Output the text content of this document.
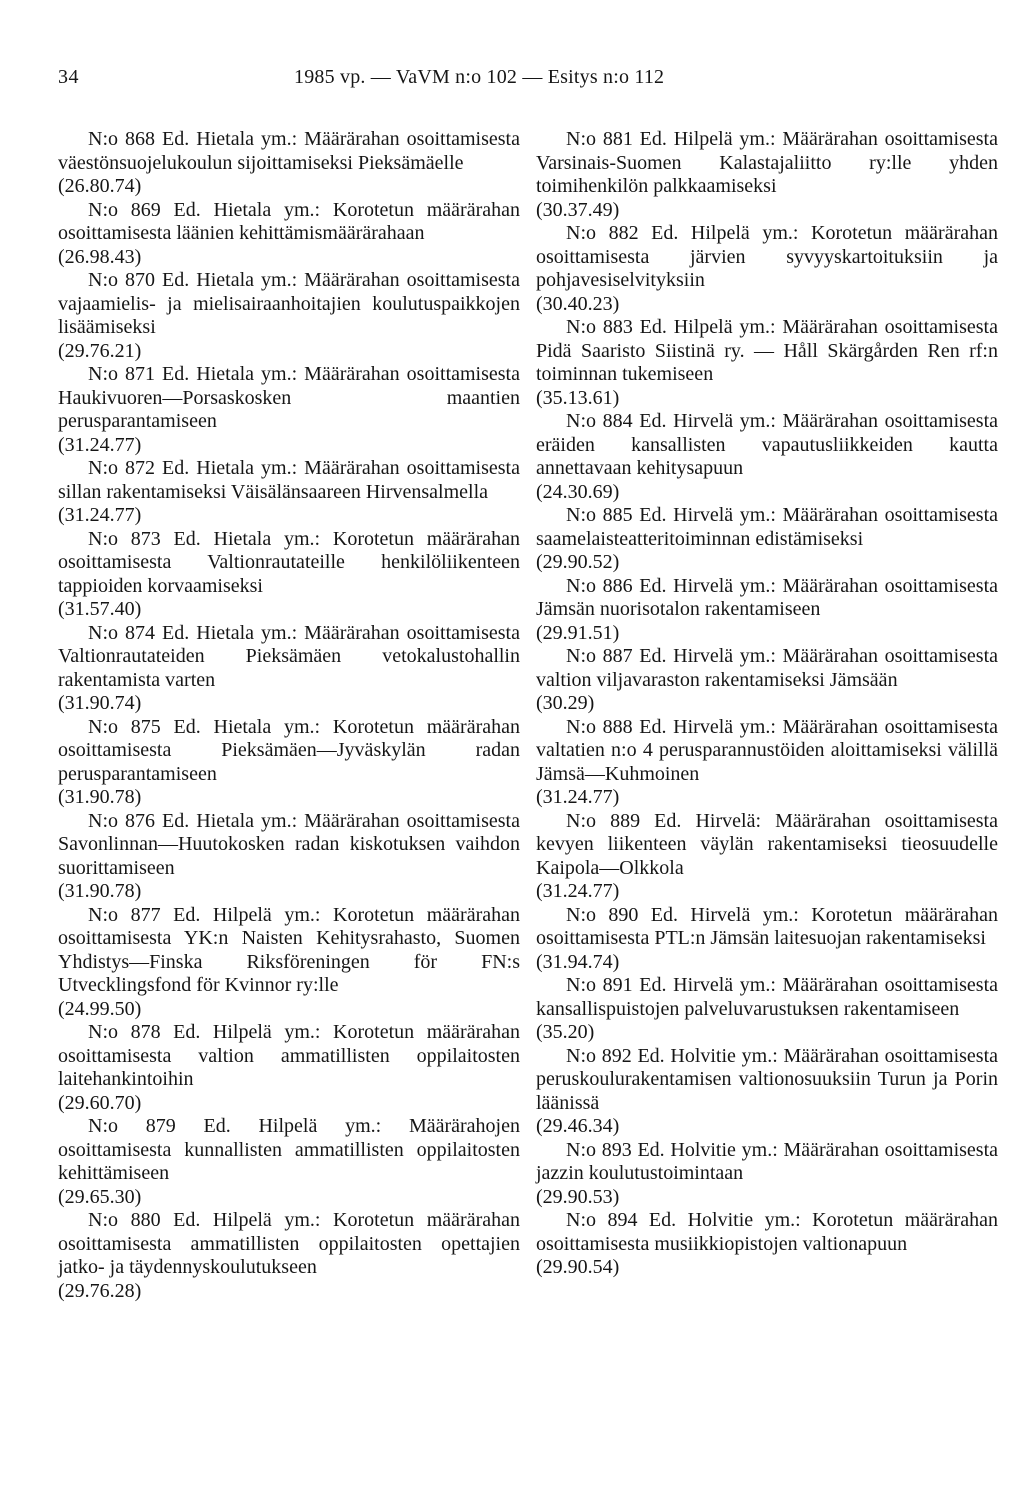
34	1985 vp. — VaVM n:o 102 — Esitys n:o 112

N:o 868 Ed. Hietala ym.: Määrärahan osoittamisesta väestönsuojelukoulun sijoittamiseksi Pieksämäelle

(26.80.74)

N:o 869 Ed. Hietala ym.: Korotetun määrärahan osoittamisesta läänien kehittämismäärärahaan

(26.98.43)

N:o 870 Ed. Hietala ym.: Määrärahan osoittamisesta vajaamielis- ja mielisairaanhoitajien koulutuspaikkojen lisäämiseksi

(29.76.21)

N:o 871 Ed. Hietala ym.: Määrärahan osoittamisesta Haukivuoren—Porsaskosken maantien perusparantamiseen

(31.24.77)

N:o 872 Ed. Hietala ym.: Määrärahan osoittamisesta sillan rakentamiseksi Väisälänsaareen Hirvensalmella

(31.24.77)

N:o 873 Ed. Hietala ym.: Korotetun määrärahan osoittamisesta Valtionrautateille henkilöliikenteen tappioiden korvaamiseksi

(31.57.40)

N:o 874 Ed. Hietala ym.: Määrärahan osoittamisesta Valtionrautateiden Pieksämäen vetokalustohallin rakentamista varten

(31.90.74)

N:o 875 Ed. Hietala ym.: Korotetun määrärahan osoittamisesta Pieksämäen—Jyväskylän radan perusparantamiseen

(31.90.78)

N:o 876 Ed. Hietala ym.: Määrärahan osoittamisesta Savonlinnan—Huutokosken radan kiskotuksen vaihdon suorittamiseen

(31.90.78)

N:o 877 Ed. Hilpelä ym.: Korotetun määrärahan osoittamisesta YK:n Naisten Kehitysrahasto, Suomen Yhdistys—Finska Riksföreningen för FN:s Utvecklingsfond för Kvinnor ry:lle

(24.99.50)

N:o 878 Ed. Hilpelä ym.: Korotetun määrärahan osoittamisesta valtion ammatillisten oppilaitosten laitehankintoihin

(29.60.70)

N:o 879 Ed. Hilpelä ym.: Määrärahojen osoittamisesta kunnallisten ammatillisten oppilaitosten kehittämiseen

(29.65.30)

N:o 880 Ed. Hilpelä ym.: Korotetun määrärahan osoittamisesta ammatillisten oppilaitosten opettajien jatko- ja täydennyskoulutukseen

(29.76.28)

N:o 881 Ed. Hilpelä ym.: Määrärahan osoittamisesta Varsinais-Suomen Kalastajaliitto ry:lle yhden toimihenkilön palkkaamiseksi

(30.37.49)

N:o 882 Ed. Hilpelä ym.: Korotetun määrärahan osoittamisesta järvien syvyyskartoituksiin ja pohjavesiselvityksiin

(30.40.23)

N:o 883 Ed. Hilpelä ym.: Määrärahan osoittamisesta Pidä Saaristo Siistinä ry. — Håll Skärgården Ren rf:n toiminnan tukemiseen

(35.13.61)

N:o 884 Ed. Hirvelä ym.: Määrärahan osoittamisesta eräiden kansallisten vapautusliikkeiden kautta annettavaan kehitysapuun

(24.30.69)

N:o 885 Ed. Hirvelä ym.: Määrärahan osoittamisesta saamelaisteatteritoiminnan edistämiseksi

(29.90.52)

N:o 886 Ed. Hirvelä ym.: Määrärahan osoittamisesta Jämsän nuorisotalon rakentamiseen

(29.91.51)

N:o 887 Ed. Hirvelä ym.: Määrärahan osoittamisesta valtion viljavaraston rakentamiseksi Jämsään

(30.29)

N:o 888 Ed. Hirvelä ym.: Määrärahan osoittamisesta valtatien n:o 4 perusparannustöiden aloittamiseksi välillä Jämsä—Kuhmoinen

(31.24.77)

N:o 889 Ed. Hirvelä: Määrärahan osoittamisesta kevyen liikenteen väylän rakentamiseksi tieosuudelle Kaipola—Olkkola

(31.24.77)

N:o 890 Ed. Hirvelä ym.: Korotetun määrärahan osoittamisesta PTL:n Jämsän laitesuojan rakentamiseksi

(31.94.74)

N:o 891 Ed. Hirvelä ym.: Määrärahan osoittamisesta kansallispuistojen palveluvarustuksen rakentamiseen

(35.20)

N:o 892 Ed. Holvitie ym.: Määrärahan osoittamisesta peruskoulurakentamisen valtionosuuksiin Turun ja Porin läänissä

(29.46.34)

N:o 893 Ed. Holvitie ym.: Määrärahan osoittamisesta jazzin koulutustoimintaan

(29.90.53)

N:o 894 Ed. Holvitie ym.: Korotetun määrärahan osoittamisesta musiikkiopistojen valtionapuun

(29.90.54)
